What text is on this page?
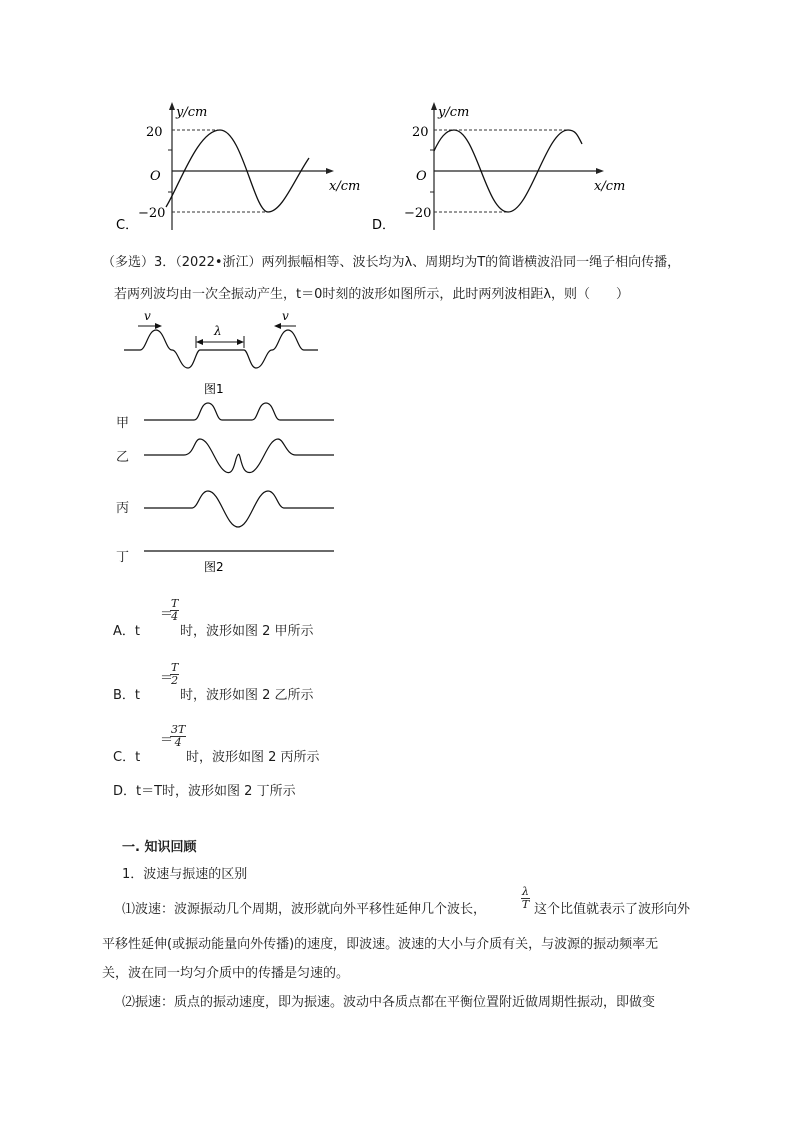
y/cm
20
O
−20
x/cm
C．
y/cm
20
O
−20
x/cm
D．
（多选）3．（2022•浙江）两列振幅相等、波长均为λ、周期均为T的简谐横波沿同一绳子相向传播，
若两列波均由一次全振动产生，t＝0时刻的波形如图所示，此时两列波相距λ，则（　　）
v	v
λ
图1
甲
乙
丙
丁
图2
A．t
＝
$\frac{T}{4}$
时，波形如图 2 甲所示
B．t
＝
$\frac{T}{2}$
时，波形如图 2 乙所示
C．t
＝
$\frac{3T}{4}$
时，波形如图 2 丙所示
D．t＝T时，波形如图 2 丁所示
一. 知识回顾
1．波速与振速的区别
⑴波速：波源振动几个周期，波形就向外平移性延伸几个波长，	$\frac{\lambda}{T}$ 这个比值就表示了波形向外
平移性延伸(或振动能量向外传播)的速度，即波速。波速的大小与介质有关，与波源的振动频率无
关，波在同一均匀介质中的传播是匀速的。
⑵振速：质点的振动速度，即为振速。波动中各质点都在平衡位置附近做周期性振动，即做变
